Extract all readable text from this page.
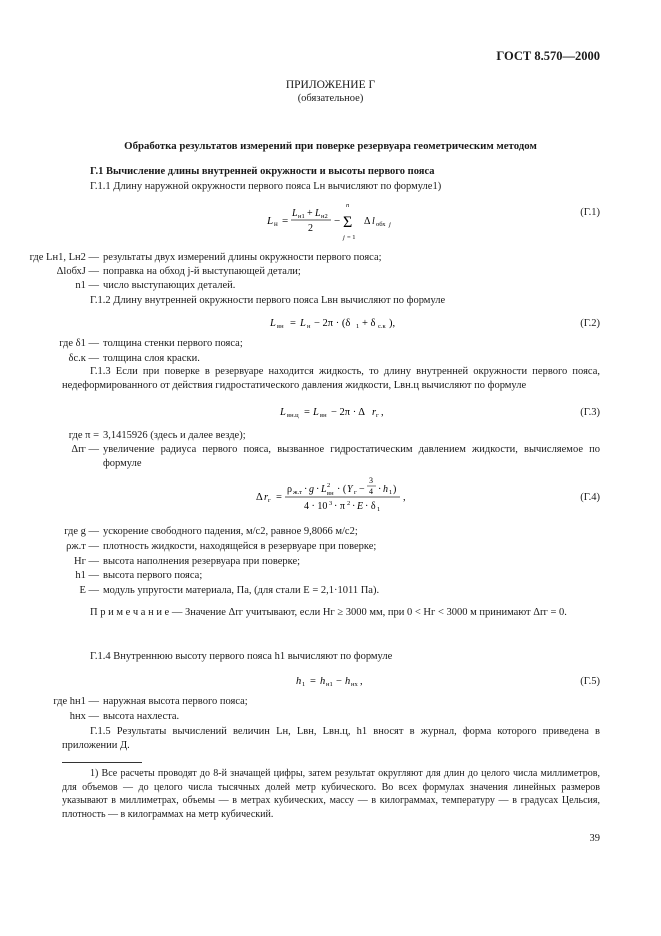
ГОСТ 8.570—2000
ПРИЛОЖЕНИЕ Г
(обязательное)
Обработка результатов измерений при поверке резервуара геометрическим методом
Г.1 Вычисление длины внутренней окружности и высоты первого пояса
Г.1.1 Длину наружной окружности первого пояса Lн вычисляют по формуле1)
L н =
L н1 + L н2
2
− Σ
n
j = 1
Δ l обх j
(Г.1)
где Lн1, Lн2 — результаты двух измерений длины окружности первого пояса;
ΔlобхJ — поправка на обход j-й выступающей детали;
n1 — число выступающих деталей.
Г.1.2 Длину внутренней окружности первого пояса Lвн вычисляют по формуле
L вн = L н − 2π · (δ 1 + δ с.к ),	(Г.2)
где δ1 — толщина стенки первого пояса;
δс.к — толщина слоя краски.
Г.1.3 Если при поверке в резервуаре находится жидкость, то длину внутренней окружности первого пояса, недеформированного от действия гидростатического давления жидкости, Lвн.ц вычисляют по формуле
L вн.ц = L вн − 2π · Δ r г ,	(Г.3)
где π = 3,1415926 (здесь и далее везде);
Δrг — увеличение радиуса первого пояса, вызванное гидростатическим давлением жидкости, вычисляемое по формуле
Δ r г =
ρ ж.т · g · L 2
вн · ( Y г −
3
4 · h 1 )
4 · 10 3 · π 2 · E · δ 1
,	(Г.4)
где g — ускорение свободного падения, м/с2, равное 9,8066 м/с2;
ρж.т — плотность жидкости, находящейся в резервуаре при поверке;
Hг — высота наполнения резервуара при поверке;
h1 — высота первого пояса;
E — модуль упругости материала, Па, (для стали E = 2,1·1011 Па).
П р и м е ч а н и е — Значение Δrг учитывают, если Hг ≥ 3000 мм, при 0 < Hг < 3000 м принимают Δrг = 0.
Г.1.4 Внутреннюю высоту первого пояса h1 вычисляют по формуле
h 1 = h н1 − h нх ,	(Г.5)
где hн1 — наружная высота первого пояса;
hнх — высота нахлеста.
Г.1.5 Результаты вычислений величин Lн, Lвн, Lвн.ц, h1 вносят в журнал, форма которого приведена в приложении Д.
1) Все расчеты проводят до 8-й значащей цифры, затем результат округляют для длин до целого числа миллиметров, для объемов — до целого числа тысячных долей метр кубического. Во всех формулах значения линейных размеров указывают в миллиметрах, объемы — в метрах кубических, массу — в килограммах, температуру — в градусах Цельсия, плотность — в килограммах на метр кубический.
39
